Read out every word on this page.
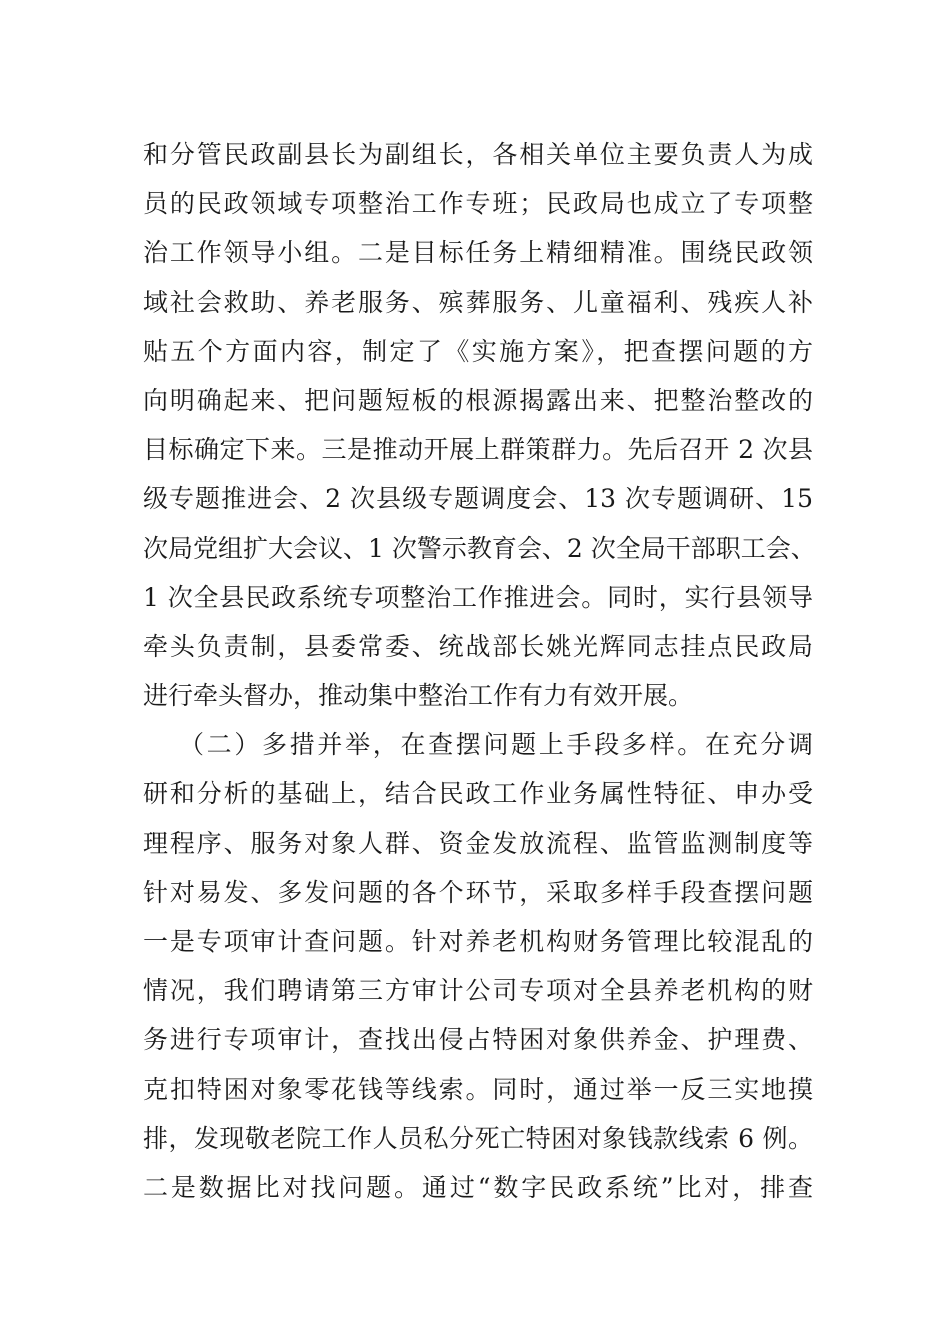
和分管民政副县长为副组长，各相关单位主要负责人为成
员的民政领域专项整治工作专班；民政局也成立了专项整
治工作领导小组。二是目标任务上精细精准。围绕民政领
域社会救助、养老服务、殡葬服务、儿童福利、残疾人补
贴五个方面内容，制定了《实施方案》，把查摆问题的方
向明确起来、把问题短板的根源揭露出来、把整治整改的
目标确定下来。三是推动开展上群策群力。先后召开 2 次县
级专题推进会、2 次县级专题调度会、13 次专题调研、15
次局党组扩大会议、1 次警示教育会、2 次全局干部职工会、
1 次全县民政系统专项整治工作推进会。同时，实行县领导
牵头负责制，县委常委、统战部长姚光辉同志挂点民政局
进行牵头督办，推动集中整治工作有力有效开展。
（二）多措并举，在查摆问题上手段多样。在充分调
研和分析的基础上，结合民政工作业务属性特征、申办受
理程序、服务对象人群、资金发放流程、监管监测制度等
针对易发、多发问题的各个环节，采取多样手段查摆问题
一是专项审计查问题。针对养老机构财务管理比较混乱的
情况，我们聘请第三方审计公司专项对全县养老机构的财
务进行专项审计，查找出侵占特困对象供养金、护理费、
克扣特困对象零花钱等线索。同时，通过举一反三实地摸
排，发现敬老院工作人员私分死亡特困对象钱款线索 6 例。
二是数据比对找问题。通过“数字民政系统”比对，排查
